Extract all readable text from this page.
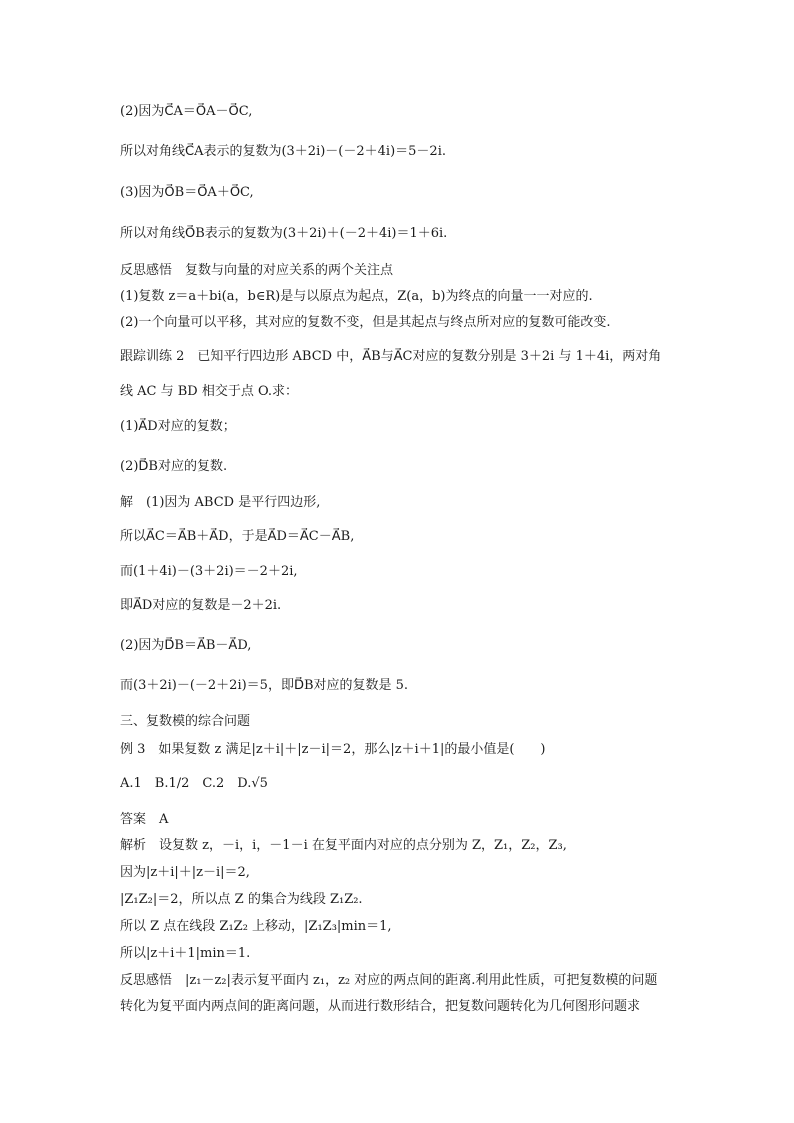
(2)因为C⃗A＝O⃗A－O⃗C,
所以对角线C⃗A表示的复数为(3＋2i)－(－2＋4i)＝5－2i.
(3)因为O⃗B＝O⃗A＋O⃗C,
所以对角线O⃗B表示的复数为(3＋2i)＋(－2＋4i)＝1＋6i.
反思感悟　复数与向量的对应关系的两个关注点
(1)复数 z＝a＋bi(a，b∈R)是与以原点为起点，Z(a，b)为终点的向量一一对应的.
(2)一个向量可以平移，其对应的复数不变，但是其起点与终点所对应的复数可能改变.
跟踪训练 2　已知平行四边形 ABCD 中，A⃗B与A⃗C对应的复数分别是 3＋2i 与 1＋4i，两对角
线 AC 与 BD 相交于点 O.求：
(1)A⃗D对应的复数；
(2)D⃗B对应的复数.
解　(1)因为 ABCD 是平行四边形,
所以A⃗C＝A⃗B＋A⃗D，于是A⃗D＝A⃗C－A⃗B,
而(1＋4i)－(3＋2i)＝－2＋2i,
即A⃗D对应的复数是－2＋2i.
(2)因为D⃗B＝A⃗B－A⃗D,
而(3＋2i)－(－2＋2i)＝5，即D⃗B对应的复数是 5.
三、复数模的综合问题
例 3　如果复数 z 满足|z＋i|＋|z－i|＝2，那么|z＋i＋1|的最小值是(　　)
A.1　B.1/2　C.2　D.√5
答案　A
解析　设复数 z，－i，i，－1－i 在复平面内对应的点分别为 Z，Z₁，Z₂，Z₃,
因为|z＋i|＋|z－i|＝2,
|Z₁Z₂|＝2，所以点 Z 的集合为线段 Z₁Z₂.
所以 Z 点在线段 Z₁Z₂ 上移动，|Z₁Z₃|min＝1,
所以|z＋i＋1|min＝1.
反思感悟　|z₁－z₂|表示复平面内 z₁，z₂ 对应的两点间的距离.利用此性质，可把复数模的问题
转化为复平面内两点间的距离问题，从而进行数形结合，把复数问题转化为几何图形问题求
